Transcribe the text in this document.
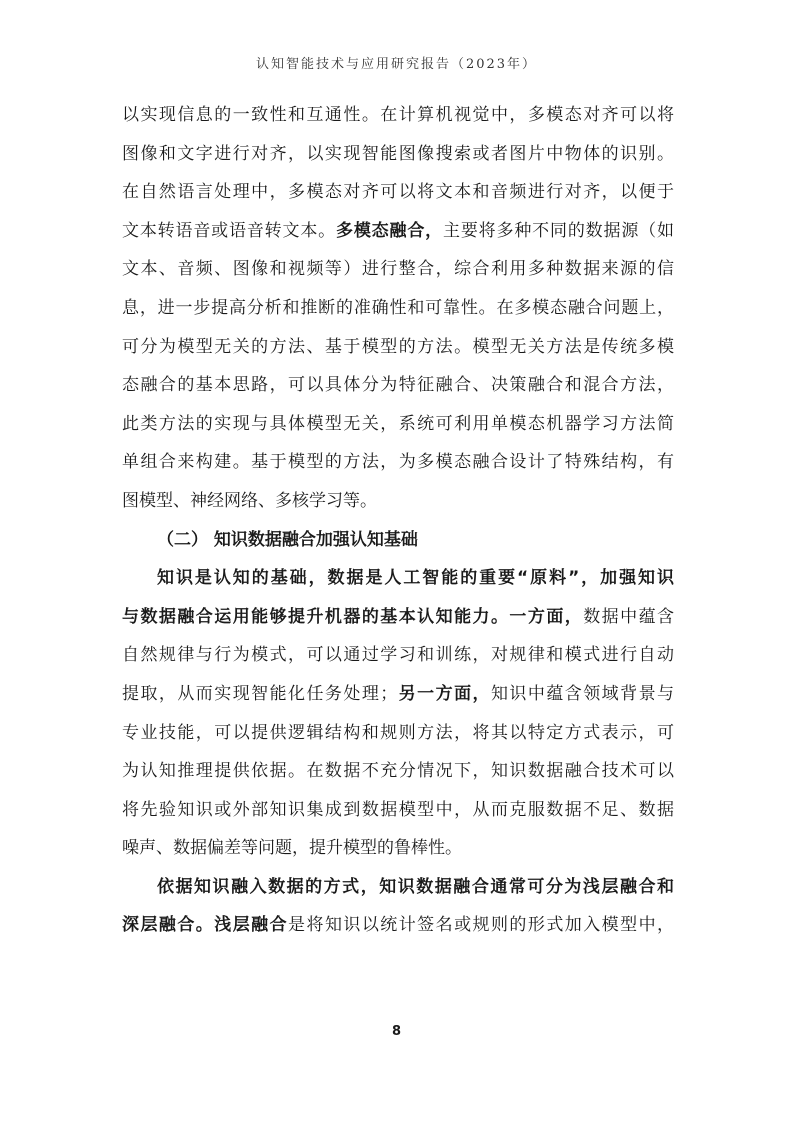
认知智能技术与应用研究报告（2023年）
以实现信息的一致性和互通性。在计算机视觉中，多模态对齐可以将
图像和文字进行对齐，以实现智能图像搜索或者图片中物体的识别。
在自然语言处理中，多模态对齐可以将文本和音频进行对齐，以便于
文本转语音或语音转文本。多模态融合，主要将多种不同的数据源（如
文本、音频、图像和视频等）进行整合，综合利用多种数据来源的信
息，进一步提高分析和推断的准确性和可靠性。在多模态融合问题上，
可分为模型无关的方法、基于模型的方法。模型无关方法是传统多模
态融合的基本思路，可以具体分为特征融合、决策融合和混合方法，
此类方法的实现与具体模型无关，系统可利用单模态机器学习方法简
单组合来构建。基于模型的方法，为多模态融合设计了特殊结构，有
图模型、神经网络、多核学习等。
（二） 知识数据融合加强认知基础
知识是认知的基础，数据是人工智能的重要“原料”，加强知识
与数据融合运用能够提升机器的基本认知能力。一方面，数据中蕴含
自然规律与行为模式，可以通过学习和训练，对规律和模式进行自动
提取，从而实现智能化任务处理；另一方面，知识中蕴含领域背景与
专业技能，可以提供逻辑结构和规则方法，将其以特定方式表示，可
为认知推理提供依据。在数据不充分情况下，知识数据融合技术可以
将先验知识或外部知识集成到数据模型中，从而克服数据不足、数据
噪声、数据偏差等问题，提升模型的鲁棒性。
依据知识融入数据的方式，知识数据融合通常可分为浅层融合和
深层融合。浅层融合是将知识以统计签名或规则的形式加入模型中，
8
